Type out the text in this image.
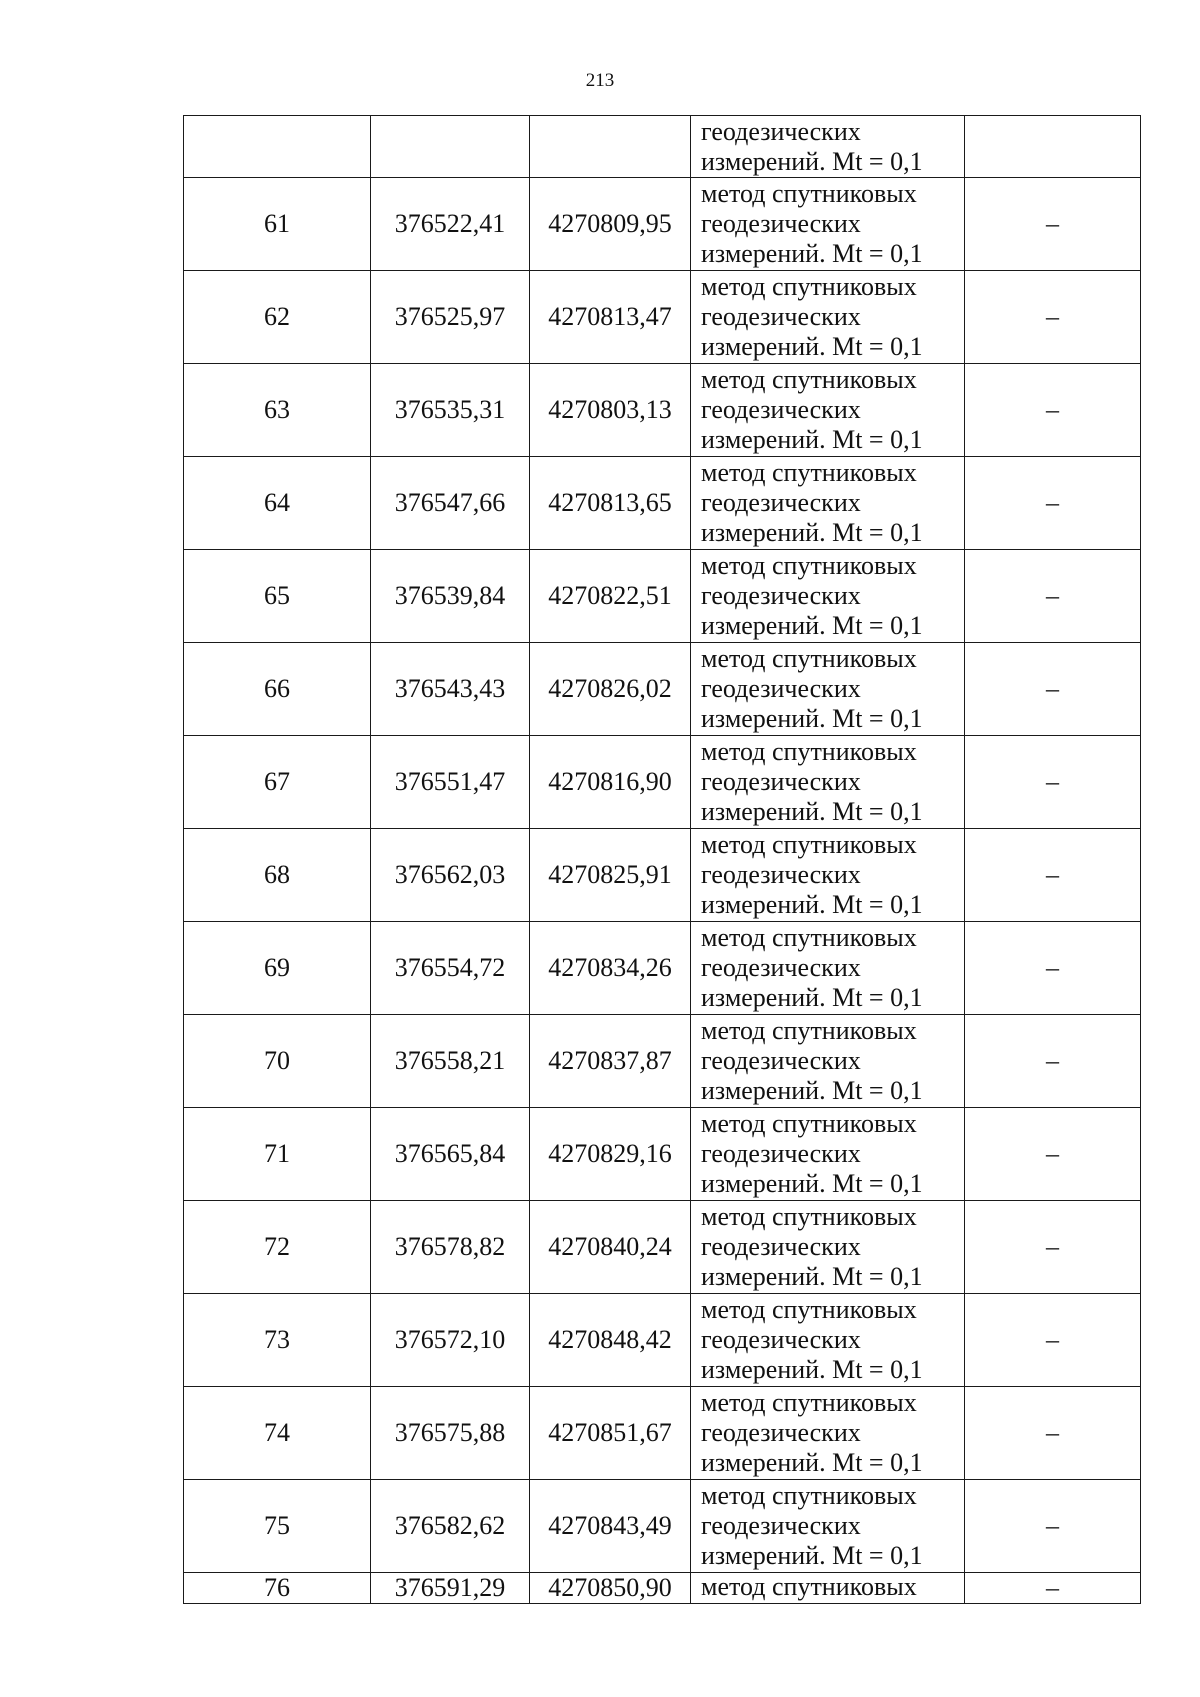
213

			геодезических
измерений. Mt = 0,1	

61	376522,41	4270809,95	метод спутниковых
геодезических
измерений. Mt = 0,1	–
62	376525,97	4270813,47	метод спутниковых
геодезических
измерений. Mt = 0,1	–
63	376535,31	4270803,13	метод спутниковых
геодезических
измерений. Mt = 0,1	–
64	376547,66	4270813,65	метод спутниковых
геодезических
измерений. Mt = 0,1	–
65	376539,84	4270822,51	метод спутниковых
геодезических
измерений. Mt = 0,1	–
66	376543,43	4270826,02	метод спутниковых
геодезических
измерений. Mt = 0,1	–
67	376551,47	4270816,90	метод спутниковых
геодезических
измерений. Mt = 0,1	–
68	376562,03	4270825,91	метод спутниковых
геодезических
измерений. Mt = 0,1	–
69	376554,72	4270834,26	метод спутниковых
геодезических
измерений. Mt = 0,1	–
70	376558,21	4270837,87	метод спутниковых
геодезических
измерений. Mt = 0,1	–
71	376565,84	4270829,16	метод спутниковых
геодезических
измерений. Mt = 0,1	–
72	376578,82	4270840,24	метод спутниковых
геодезических
измерений. Mt = 0,1	–
73	376572,10	4270848,42	метод спутниковых
геодезических
измерений. Mt = 0,1	–
74	376575,88	4270851,67	метод спутниковых
геодезических
измерений. Mt = 0,1	–
75	376582,62	4270843,49	метод спутниковых
геодезических
измерений. Mt = 0,1	–
76	376591,29	4270850,90	метод спутниковых	–
